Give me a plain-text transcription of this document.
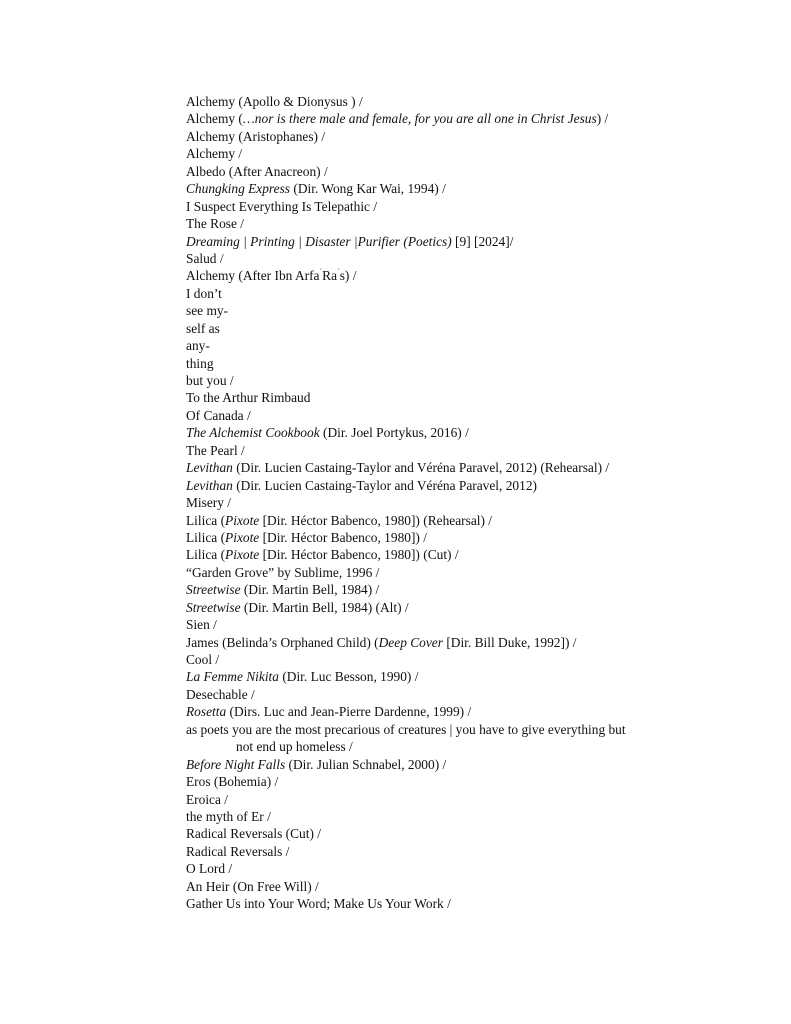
Alchemy (Apollo & Dionysus ) /
Alchemy (…nor is there male and female, for you are all one in Christ Jesus) /
Alchemy (Aristophanes) /
Alchemy /
Albedo (After Anacreon) /
Chungking Express (Dir. Wong Kar Wai, 1994) /
I Suspect Everything Is Telepathic /
The Rose /
Dreaming | Printing | Disaster |Purifier (Poetics) [9] [2024]/
Salud /
Alchemy (After Ibn $Arfa^ʿRa^ʾs$) /
I don’t
see my-
self as
any-
thing
but you /
To the Arthur Rimbaud
Of Canada /
The Alchemist Cookbook (Dir. Joel Portykus, 2016) /
The Pearl /
Levithan (Dir. Lucien Castaing-Taylor and Véréna Paravel, 2012) (Rehearsal) /
Levithan (Dir. Lucien Castaing-Taylor and Véréna Paravel, 2012)
Misery /
Lilica (Pixote [Dir. Héctor Babenco, 1980]) (Rehearsal) /
Lilica (Pixote [Dir. Héctor Babenco, 1980]) /
Lilica (Pixote [Dir. Héctor Babenco, 1980]) (Cut) /
“Garden Grove” by Sublime, 1996 /
Streetwise (Dir. Martin Bell, 1984) /
Streetwise (Dir. Martin Bell, 1984) (Alt) /
Sien /
James (Belinda’s Orphaned Child) (Deep Cover [Dir. Bill Duke, 1992]) /
Cool /
La Femme Nikita (Dir. Luc Besson, 1990) /
Desechable /
Rosetta (Dirs. Luc and Jean-Pierre Dardenne, 1999) /
as poets you are the most precarious of creatures | you have to give everything but
not end up homeless /
Before Night Falls (Dir. Julian Schnabel, 2000) /
Eros (Bohemia) /
Eroica /
the myth of Er /
Radical Reversals (Cut) /
Radical Reversals /
O Lord /
An Heir (On Free Will) /
Gather Us into Your Word; Make Us Your Work /
